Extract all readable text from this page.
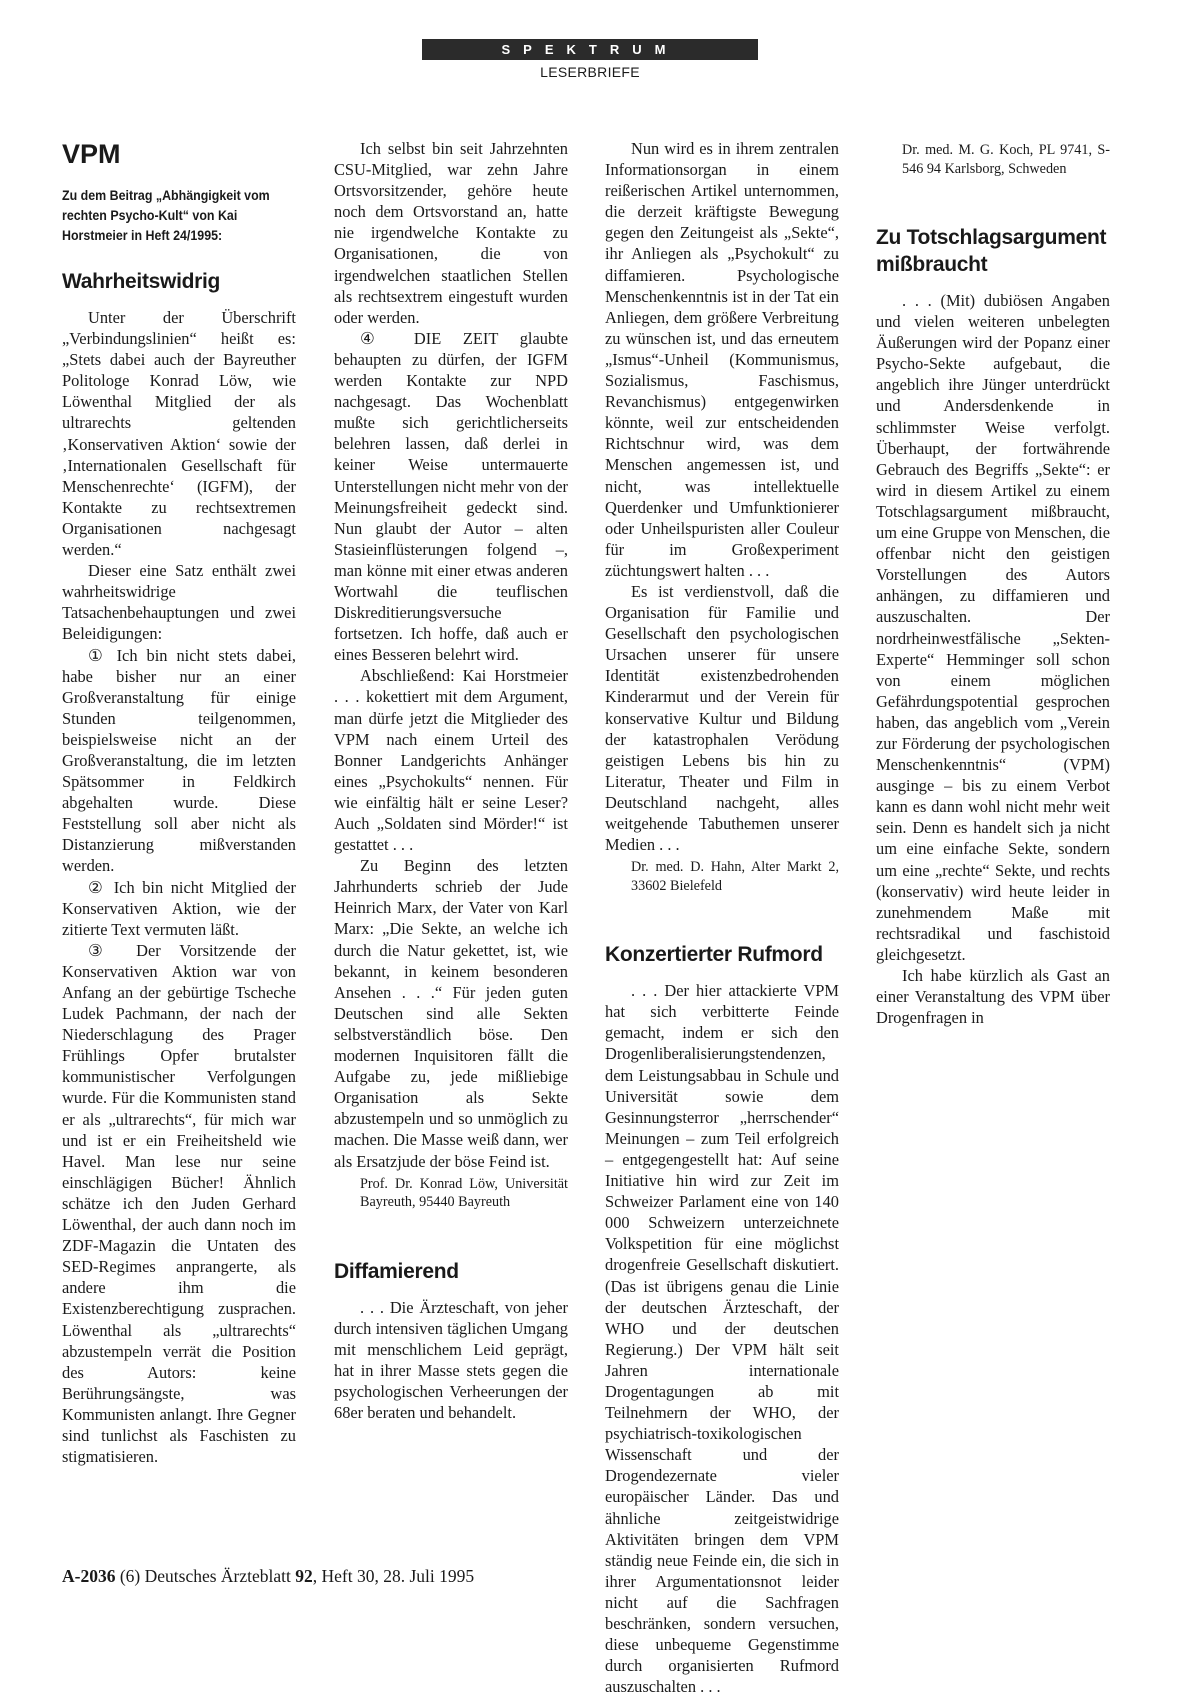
SPEKTRUM
LESERBRIEFE
VPM
Zu dem Beitrag „Abhängigkeit vom rechten Psycho-Kult“ von Kai Horstmeier in Heft 24/1995:
Wahrheitswidrig

Unter der Überschrift „Verbindungslinien“ heißt es: „Stets dabei auch der Bayreuther Politologe Konrad Löw, wie Löwenthal Mitglied der als ultrarechts geltenden ‚Konservativen Aktion‘ sowie der ‚Internationalen Gesellschaft für Menschenrechte‘ (IGFM), der Kontakte zu rechtsextremen Organisationen nachgesagt werden.“

Dieser eine Satz enthält zwei wahrheitswidrige Tatsachenbehauptungen und zwei Beleidigungen:

① Ich bin nicht stets dabei, habe bisher nur an einer Großveranstaltung für einige Stunden teilgenommen, beispielsweise nicht an der Großveranstaltung, die im letzten Spätsommer in Feldkirch abgehalten wurde. Diese Feststellung soll aber nicht als Distanzierung mißverstanden werden.

② Ich bin nicht Mitglied der Konservativen Aktion, wie der zitierte Text vermuten läßt.

③ Der Vorsitzende der Konservativen Aktion war von Anfang an der gebürtige Tscheche Ludek Pachmann, der nach der Niederschlagung des Prager Frühlings Opfer brutalster kommunistischer Verfolgungen wurde. Für die Kommunisten stand er als „ultrarechts“, für mich war und ist er ein Freiheitsheld wie Havel. Man lese nur seine einschlägigen Bücher! Ähnlich schätze ich den Juden Gerhard Löwenthal, der auch dann noch im ZDF-Magazin die Untaten des SED-Regimes anprangerte, als andere ihm die Existenzberechtigung zusprachen. Löwenthal als „ultrarechts“ abzustempeln verrät die Position des Autors: keine Berührungsängste, was Kommunisten anlangt. Ihre Gegner sind tunlichst als Faschisten zu stigmatisieren.

Ich selbst bin seit Jahrzehnten CSU-Mitglied, war zehn Jahre Ortsvorsitzender, gehöre heute noch dem Ortsvorstand an, hatte nie irgendwelche Kontakte zu Organisationen, die von irgendwelchen staatlichen Stellen als rechtsextrem eingestuft wurden oder werden.

④ DIE ZEIT glaubte behaupten zu dürfen, der IGFM werden Kontakte zur NPD nachgesagt. Das Wochenblatt mußte sich gerichtlicherseits belehren lassen, daß derlei in keiner Weise untermauerte Unterstellungen nicht mehr von der Meinungsfreiheit gedeckt sind. Nun glaubt der Autor – alten Stasieinflüsterungen folgend –, man könne mit einer etwas anderen Wortwahl die teuflischen Diskreditierungsversuche fortsetzen. Ich hoffe, daß auch er eines Besseren belehrt wird.

Abschließend: Kai Horstmeier . . . kokettiert mit dem Argument, man dürfe jetzt die Mitglieder des VPM nach einem Urteil des Bonner Landgerichts Anhänger eines „Psychokults“ nennen. Für wie einfältig hält er seine Leser? Auch „Soldaten sind Mörder!“ ist gestattet . . .

Zu Beginn des letzten Jahrhunderts schrieb der Jude Heinrich Marx, der Vater von Karl Marx: „Die Sekte, an welche ich durch die Natur gekettet, ist, wie bekannt, in keinem besonderen Ansehen . . .“ Für jeden guten Deutschen sind alle Sekten selbstverständlich böse. Den modernen Inquisitoren fällt die Aufgabe zu, jede mißliebige Organisation als Sekte abzustempeln und so unmöglich zu machen. Die Masse weiß dann, wer als Ersatzjude der böse Feind ist.

Prof. Dr. Konrad Löw, Universität Bayreuth, 95440 Bayreuth

Diffamierend

. . . Die Ärzteschaft, von jeher durch intensiven täglichen Umgang mit menschlichem Leid geprägt, hat in ihrer Masse stets gegen die psychologischen Verheerungen der 68er beraten und behandelt.

Nun wird es in ihrem zentralen Informationsorgan in einem reißerischen Artikel unternommen, die derzeit kräftigste Bewegung gegen den Zeitungeist als „Sekte“, ihr Anliegen als „Psychokult“ zu diffamieren. Psychologische Menschenkenntnis ist in der Tat ein Anliegen, dem größere Verbreitung zu wünschen ist, und das erneutem „Ismus“-Unheil (Kommunismus, Sozialismus, Faschismus, Revanchismus) entgegenwirken könnte, weil zur entscheidenden Richtschnur wird, was dem Menschen angemessen ist, und nicht, was intellektuelle Querdenker und Umfunktionierer oder Unheilspuristen aller Couleur für im Großexperiment züchtungswert halten . . .

Es ist verdienstvoll, daß die Organisation für Familie und Gesellschaft den psychologischen Ursachen unserer für unsere Identität existenzbedrohenden Kinderarmut und der Verein für konservative Kultur und Bildung der katastrophalen Verödung geistigen Lebens bis hin zu Literatur, Theater und Film in Deutschland nachgeht, alles weitgehende Tabuthemen unserer Medien . . .

Dr. med. D. Hahn, Alter Markt 2, 33602 Bielefeld

Konzertierter Rufmord

. . . Der hier attackierte VPM hat sich verbitterte Feinde gemacht, indem er sich den Drogenliberalisierungstendenzen, dem Leistungsabbau in Schule und Universität sowie dem Gesinnungsterror „herrschender“ Meinungen – zum Teil erfolgreich – entgegengestellt hat: Auf seine Initiative hin wird zur Zeit im Schweizer Parlament eine von 140 000 Schweizern unterzeichnete Volkspetition für eine möglichst drogenfreie Gesellschaft diskutiert. (Das ist übrigens genau die Linie der deutschen Ärzteschaft, der WHO und der deutschen Regierung.) Der VPM hält seit Jahren internationale Drogentagungen ab mit Teilnehmern der WHO, der psychiatrisch-toxikologischen Wissenschaft und der Drogendezernate vieler europäischer Länder. Das und ähnliche zeitgeistwidrige Aktivitäten bringen dem VPM ständig neue Feinde ein, die sich in ihrer Argumentationsnot leider nicht auf die Sachfragen beschränken, sondern versuchen, diese unbequeme Gegenstimme durch organisierten Rufmord auszuschalten . . .

Dr. med. M. G. Koch, PL 9741, S-546 94 Karlsborg, Schweden

Zu Totschlagsargument mißbraucht

. . . (Mit) dubiösen Angaben und vielen weiteren unbelegten Äußerungen wird der Popanz einer Psycho-Sekte aufgebaut, die angeblich ihre Jünger unterdrückt und Andersdenkende in schlimmster Weise verfolgt. Überhaupt, der fortwährende Gebrauch des Begriffs „Sekte“: er wird in diesem Artikel zu einem Totschlagsargument mißbraucht, um eine Gruppe von Menschen, die offenbar nicht den geistigen Vorstellungen des Autors anhängen, zu diffamieren und auszuschalten. Der nordrheinwestfälische „Sekten-Experte“ Hemminger soll schon von einem möglichen Gefährdungspotential gesprochen haben, das angeblich vom „Verein zur Förderung der psychologischen Menschenkenntnis“ (VPM) ausginge – bis zu einem Verbot kann es dann wohl nicht mehr weit sein. Denn es handelt sich ja nicht um eine einfache Sekte, sondern um eine „rechte“ Sekte, und rechts (konservativ) wird heute leider in zunehmendem Maße mit rechtsradikal und faschistoid gleichgesetzt.

Ich habe kürzlich als Gast an einer Veranstaltung des VPM über Drogenfragen in

A-2036 (6) Deutsches Ärzteblatt 92, Heft 30, 28. Juli 1995
